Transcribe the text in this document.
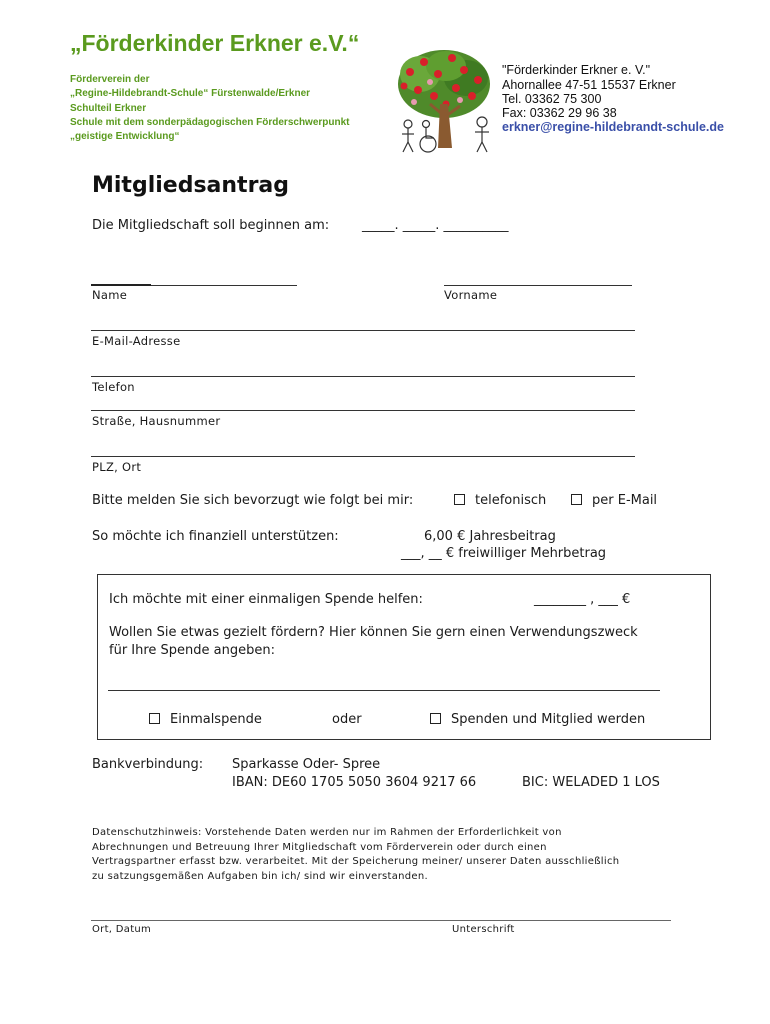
„Förderkinder Erkner e.V.“
Förderverein der
„Regine-Hildebrandt-Schule“ Fürstenwalde/Erkner
Schulteil Erkner
Schule mit dem sonderpädagogischen Förderschwerpunkt
„geistige Entwicklung“
"Förderkinder Erkner e. V."
Ahornallee 47-51 15537 Erkner
Tel. 03362 75 300
Fax: 03362 29 96 38
erkner@regine-hildebrandt-schule.de
Mitgliedsantrag
Die Mitgliedschaft soll beginnen am:	_____. _____. __________
Name	Vorname
E-Mail-Adresse
Telefon
Straße, Hausnummer
PLZ, Ort
Bitte melden Sie sich bevorzugt wie folgt bei mir:	telefonisch	per E-Mail
So möchte ich finanziell unterstützen:	6,00 € Jahresbeitrag
___, __ € freiwilliger Mehrbetrag
Ich möchte mit einer einmaligen Spende helfen:	________ , ___ €
Wollen Sie etwas gezielt fördern? Hier können Sie gern einen Verwendungszweck
für Ihre Spende angeben:
Einmalspende	oder	Spenden und Mitglied werden
Bankverbindung: Sparkasse Oder- Spree
IBAN: DE60 1705 5050 3604 9217 66	BIC: WELADED 1 LOS
Datenschutzhinweis: Vorstehende Daten werden nur im Rahmen der Erforderlichkeit von
Abrechnungen und Betreuung Ihrer Mitgliedschaft vom Förderverein oder durch einen
Vertragspartner erfasst bzw. verarbeitet. Mit der Speicherung meiner/ unserer Daten ausschließlich
zu satzungsgemäßen Aufgaben bin ich/ sind wir einverstanden.
Ort, Datum	Unterschrift
